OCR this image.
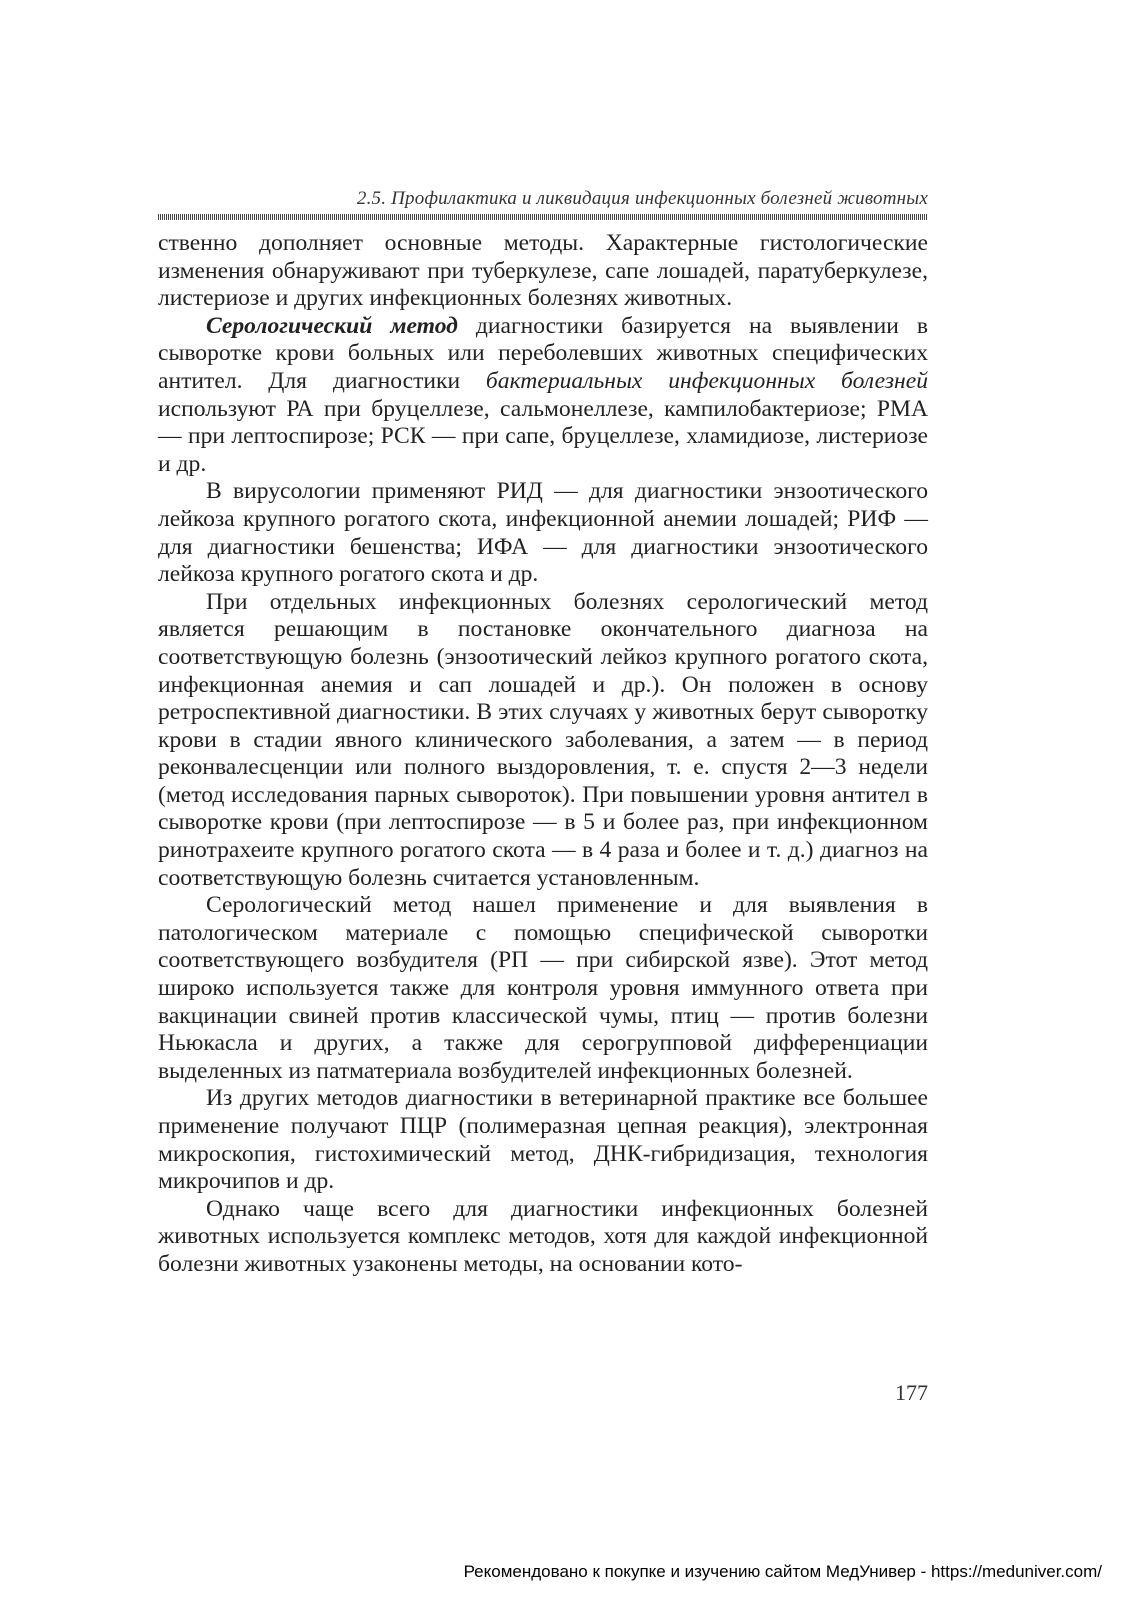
2.5. Профилактика и ликвидация инфекционных болезней животных

ственно дополняет основные методы. Характерные гистологические изменения обнаруживают при туберкулезе, сапе лошадей, паратуберкулезе, листериозе и других инфекционных болезнях животных.

Серологический метод диагностики базируется на выявлении в сыворотке крови больных или переболевших животных специфических антител. Для диагностики бактериальных инфекционных болезней используют РА при бруцеллезе, сальмонеллезе, кампилобактериозе; РМА — при лептоспирозе; РСК — при сапе, бруцеллезе, хламидиозе, листериозе и др.

В вирусологии применяют РИД — для диагностики энзоотического лейкоза крупного рогатого скота, инфекционной анемии лошадей; РИФ — для диагностики бешенства; ИФА — для диагностики энзоотического лейкоза крупного рогатого скота и др.

При отдельных инфекционных болезнях серологический метод является решающим в постановке окончательного диагноза на соответствующую болезнь (энзоотический лейкоз крупного рогатого скота, инфекционная анемия и сап лошадей и др.). Он положен в основу ретроспективной диагностики. В этих случаях у животных берут сыворотку крови в стадии явного клинического заболевания, а затем — в период реконвалесценции или полного выздоровления, т. е. спустя 2—3 недели (метод исследования парных сывороток). При повышении уровня антител в сыворотке крови (при лептоспирозе — в 5 и более раз, при инфекционном ринотрахеите крупного рогатого скота — в 4 раза и более и т. д.) диагноз на соответствующую болезнь считается установленным.

Серологический метод нашел применение и для выявления в патологическом материале с помощью специфической сыворотки соответствующего возбудителя (РП — при сибирской язве). Этот метод широко используется также для контроля уровня иммунного ответа при вакцинации свиней против классической чумы, птиц — против болезни Ньюкасла и других, а также для серогрупповой дифференциации выделенных из патматериала возбудителей инфекционных болезней.

Из других методов диагностики в ветеринарной практике все большее применение получают ПЦР (полимеразная цепная реакция), электронная микроскопия, гистохимический метод, ДНК-гибридизация, технология микрочипов и др.

Однако чаще всего для диагностики инфекционных болезней животных используется комплекс методов, хотя для каждой инфекционной болезни животных узаконены методы, на основании кото-

177
Рекомендовано к покупке и изучению сайтом МедУнивер - https://meduniver.com/
